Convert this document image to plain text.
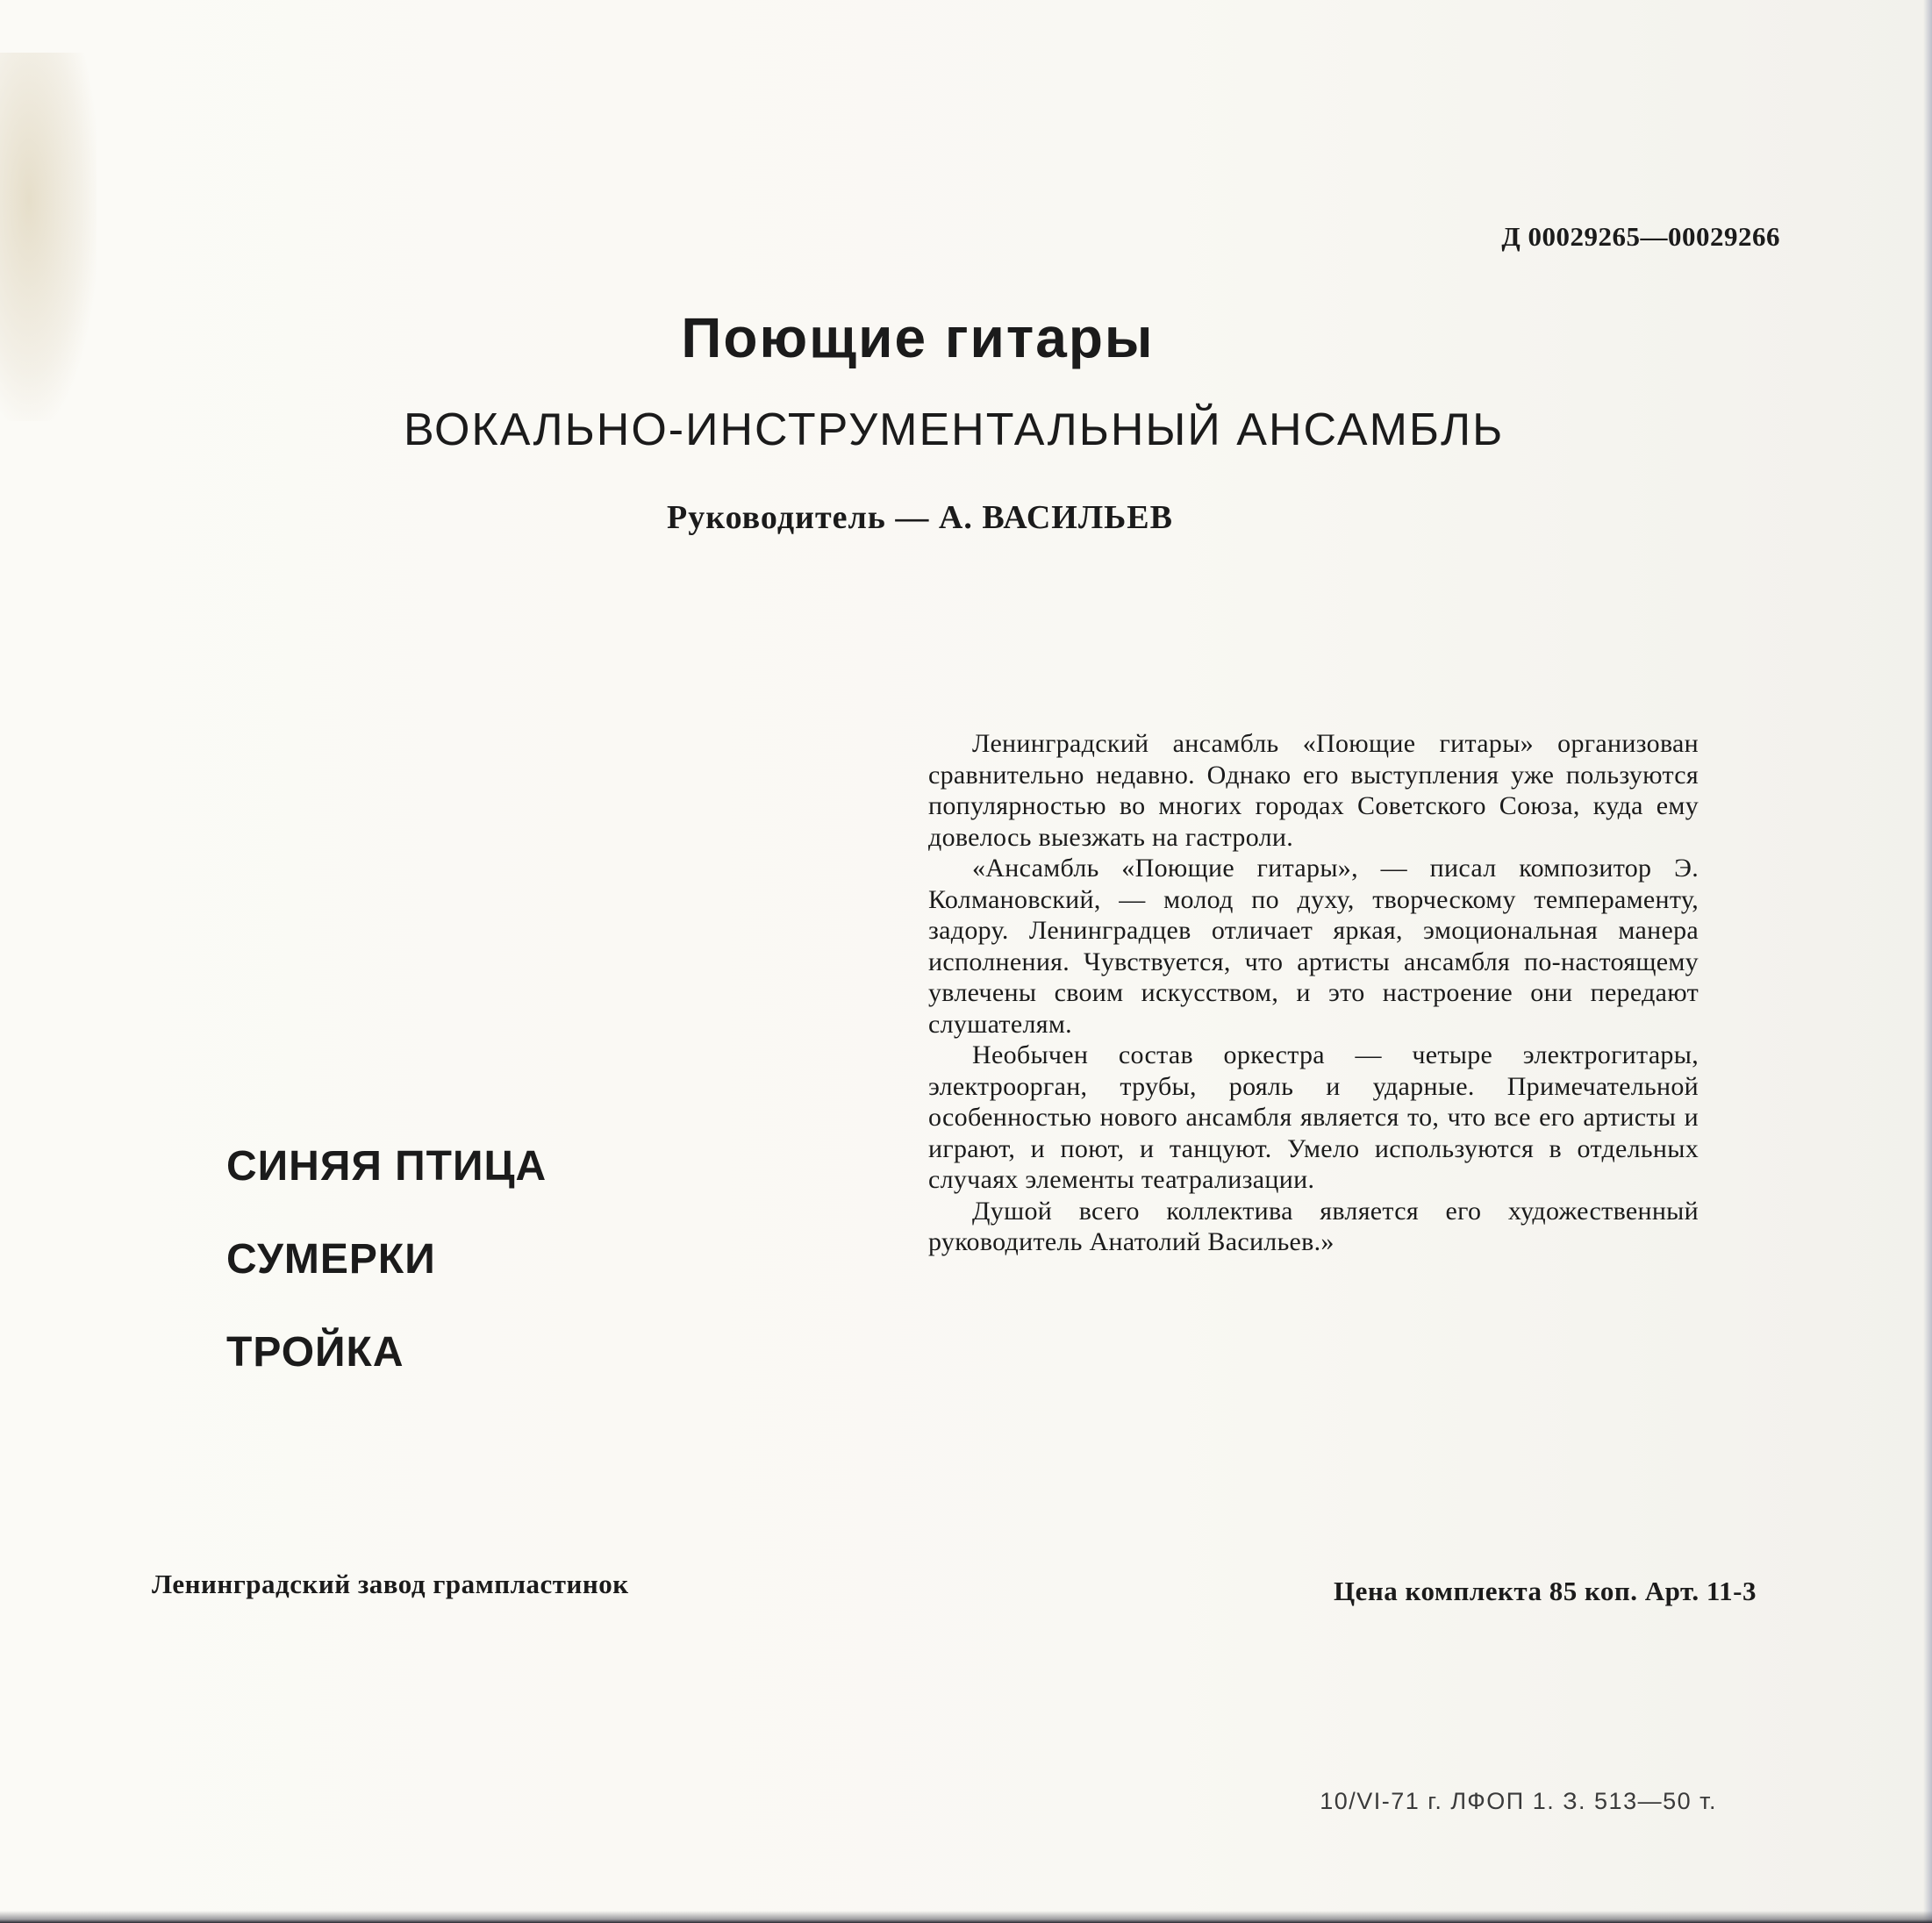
Д 00029265—00029266
Поющие гитары
ВОКАЛЬНО-ИНСТРУМЕНТАЛЬНЫЙ АНСАМБЛЬ
Руководитель — А. ВАСИЛЬЕВ
СИНЯЯ ПТИЦА
СУМЕРКИ
ТРОЙКА

Ленинградский ансамбль «Поющие гитары» организован сравнительно недавно. Однако его выступления уже пользуются популярностью во многих городах Советского Союза, куда ему довелось выезжать на гастроли.

«Ансамбль «Поющие гитары», — писал композитор Э. Колмановский, — молод по духу, творческому темпераменту, задору. Ленинградцев отличает яркая, эмоциональная манера исполнения. Чувствуется, что артисты ансамбля по-настоящему увлечены своим искусством, и это настроение они передают слушателям.

Необычен состав оркестра — четыре электрогитары, электроорган, трубы, рояль и ударные. Примечательной особенностью нового ансамбля является то, что все его артисты и играют, и поют, и танцуют. Умело используются в отдельных случаях элементы театрализации.

Душой всего коллектива является его художественный руководитель Анатолий Васильев.»

Ленинградский завод грампластинок	Цена комплекта 85 коп. Арт. 11-3
10/VI-71 г. ЛФОП 1. З. 513—50 т.
